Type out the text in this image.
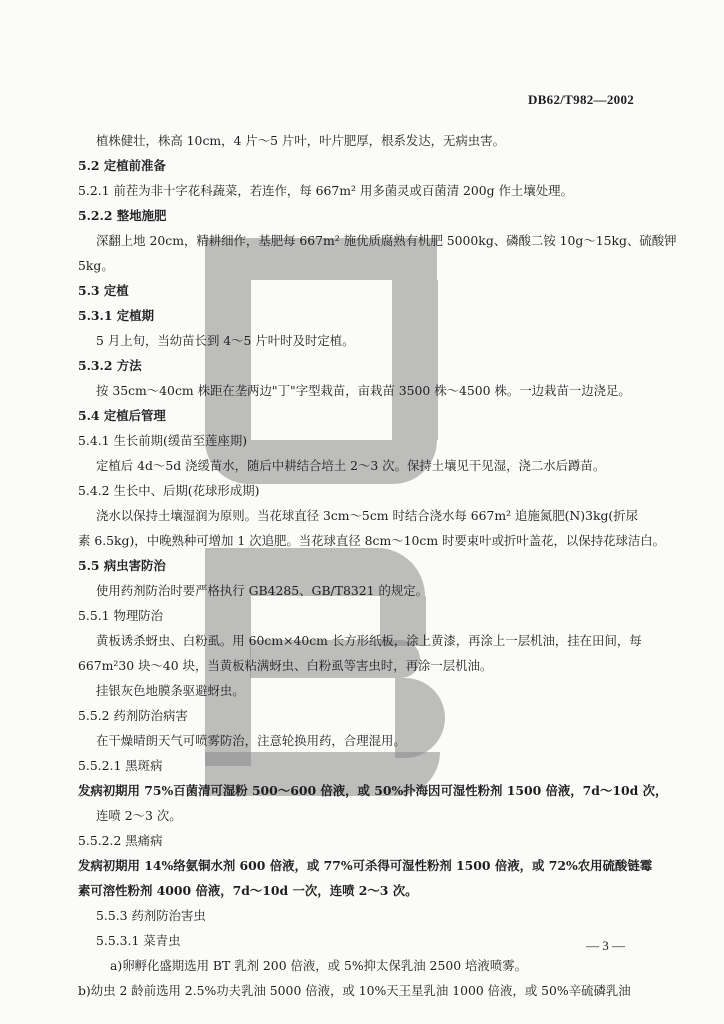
DB62/T982—2002
植株健壮，株高 10cm，4 片～5 片叶，叶片肥厚，根系发达，无病虫害。
5.2 定植前准备
5.2.1 前茬为非十字花科蔬菜，若连作，每 667m² 用多菌灵或百菌清 200g 作土壤处理。
5.2.2 整地施肥
深翻上地 20cm，精耕细作，基肥每 667m² 施优质腐熟有机肥 5000kg、磷酸二铵 10g～15kg、硫酸钾
5kg。
5.3 定植
5.3.1 定植期
5 月上旬，当幼苗长到 4～5 片叶时及时定植。
5.3.2 方法
按 35cm～40cm 株距在垄两边"丁"字型栽苗，亩栽苗 3500 株～4500 株。一边栽苗一边浇足。
5.4 定植后管理
5.4.1 生长前期(缓苗至莲座期)
定植后 4d～5d 浇缓苗水，随后中耕结合培土 2～3 次。保持土壤见干见湿，浇二水后蹲苗。
5.4.2 生长中、后期(花球形成期)
浇水以保持土壤湿润为原则。当花球直径 3cm～5cm 时结合浇水每 667m² 追施氮肥(N)3kg(折尿
素 6.5kg)，中晚熟种可增加 1 次追肥。当花球直径 8cm～10cm 时要束叶或折叶盖花，以保持花球洁白。
5.5 病虫害防治
使用药剂防治时要严格执行 GB4285、GB/T8321 的规定。
5.5.1 物理防治
黄板诱杀蚜虫、白粉虱。用 60cm×40cm 长方形纸板，涂上黄漆，再涂上一层机油，挂在田间，每
667m²30 块～40 块，当黄板粘满蚜虫、白粉虱等害虫时，再涂一层机油。
挂银灰色地膜条驱避蚜虫。
5.5.2 药剂防治病害
在干燥晴朗天气可喷雾防治，注意轮换用药，合理混用。
5.5.2.1 黑斑病
发病初期用 75%百菌清可湿粉 500～600 倍液，或 50%扑海因可湿性粉剂 1500 倍液，7d～10d 次，
连喷 2～3 次。
5.5.2.2 黑痛病
发病初期用 14%络氨铜水剂 600 倍液，或 77%可杀得可湿性粉剂 1500 倍液，或 72%农用硫酸链霉
素可溶性粉剂 4000 倍液，7d～10d 一次，连喷 2～3 次。
5.5.3 药剂防治害虫
5.5.3.1 菜青虫
a)卵孵化盛期选用 BT 乳剂 200 倍液，或 5%抑太保乳油 2500 培液喷雾。
b)幼虫 2 龄前选用 2.5%功夫乳油 5000 倍液，或 10%天王星乳油 1000 倍液，或 50%辛硫磷乳油
— 3 —
